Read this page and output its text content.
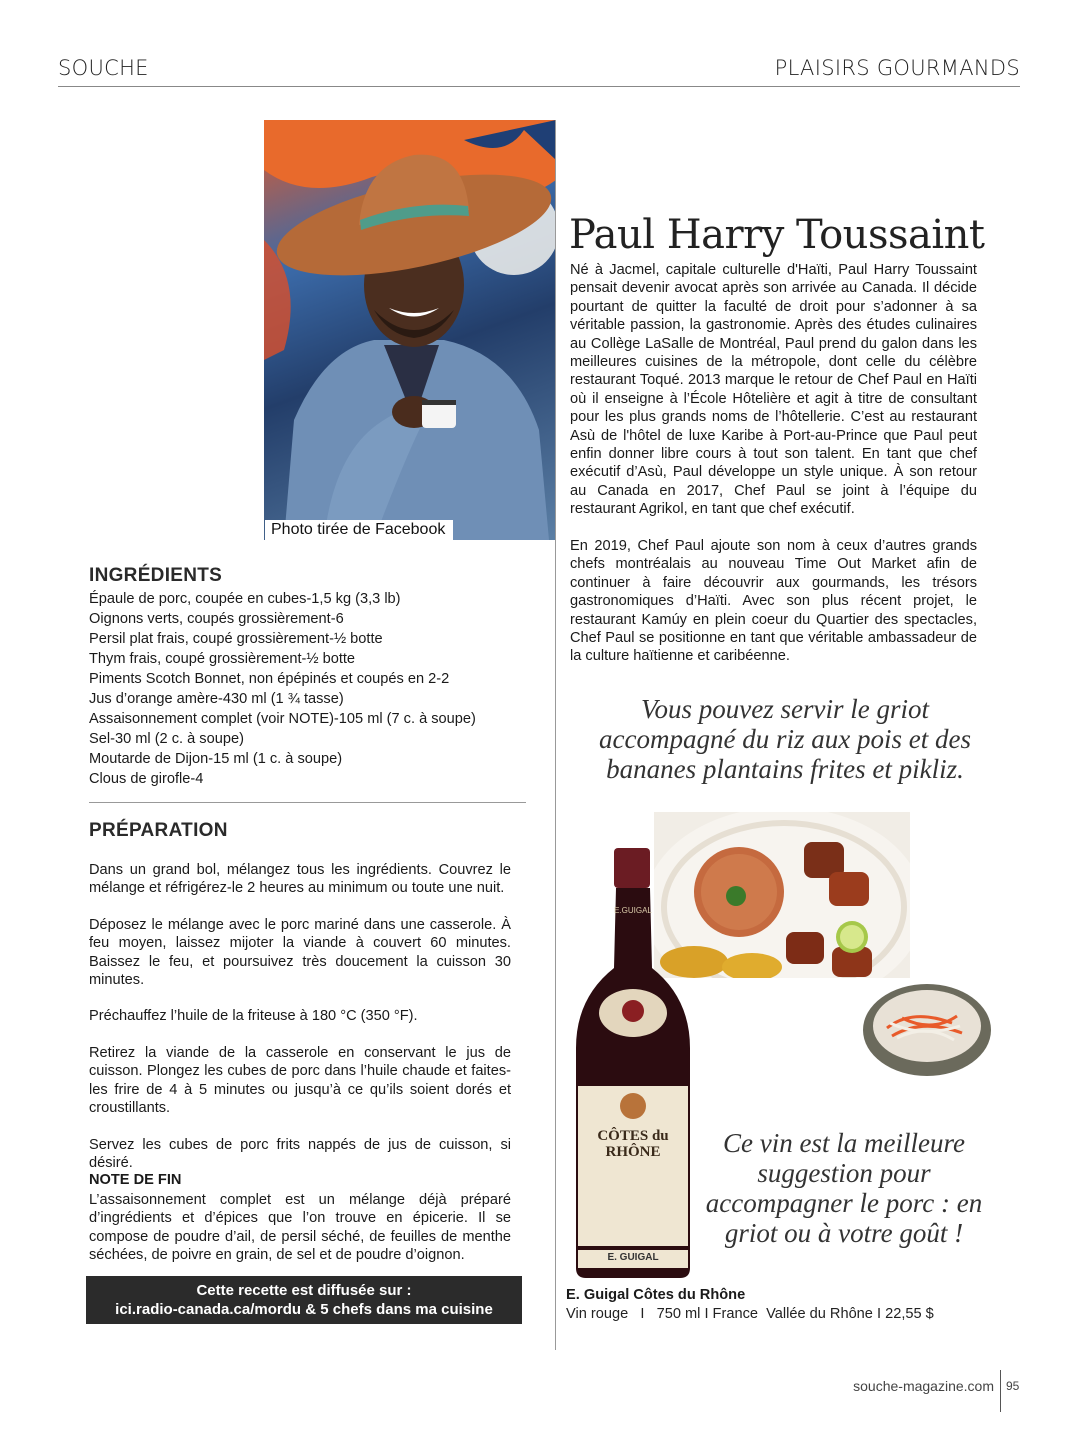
SOUCHE	PLAISIRS GOURMANDS
Photo tirée de Facebook
Paul Harry Toussaint
Né à Jacmel, capitale culturelle d'Haïti, Paul Harry Toussaint pensait devenir avocat après son arrivée au Canada. Il décide pourtant de quitter la faculté de droit pour s’adonner à sa véritable passion, la gastronomie. Après des études culinaires au Collège LaSalle de Montréal, Paul prend du galon dans les meilleures cuisines de la métropole, dont celle du célèbre restaurant Toqué. 2013 marque le retour de Chef Paul en Haïti où il enseigne à l’École Hôtelière et agit à titre de consultant pour les plus grands noms de l’hôtellerie. C’est au restaurant Asù de l'hôtel de luxe Karibe à Port-au-Prince que Paul peut enfin donner libre cours à tout son talent. En tant que chef exécutif d’Asù, Paul développe un style unique. À son retour au Canada en 2017, Chef Paul se joint à l’équipe du restaurant Agrikol, en tant que chef exécutif.
En 2019, Chef Paul ajoute son nom à ceux d’autres grands chefs montréalais au nouveau Time Out Market afin de continuer à faire découvrir aux gourmands, les trésors gastronomiques d’Haïti. Avec son plus récent projet, le restaurant Kamúy en plein coeur du Quartier des spectacles, Chef Paul se positionne en tant que véritable ambassadeur de la culture haïtienne et caribéenne.
Vous pouvez servir le griot accompagné du riz aux pois et des bananes plantains frites et pikliz.
INGRÉDIENTS
Épaule de porc, coupée en cubes-1,5 kg (3,3 lb)
Oignons verts, coupés grossièrement-6
Persil plat frais, coupé grossièrement-½ botte
Thym frais, coupé grossièrement-½ botte
Piments Scotch Bonnet, non épépinés et coupés en 2-2
Jus d’orange amère-430 ml (1 ¾ tasse)
Assaisonnement complet (voir NOTE)-105 ml (7 c. à soupe)
Sel-30 ml (2 c. à soupe)
Moutarde de Dijon-15 ml (1 c. à soupe)
Clous de girofle-4
PRÉPARATION
Dans un grand bol, mélangez tous les ingrédients. Couvrez le mélange et réfrigérez-le 2 heures au minimum ou toute une nuit.
Déposez le mélange avec le porc mariné dans une casserole. À feu moyen, laissez mijoter la viande à couvert 60 minutes. Baissez le feu, et poursuivez très doucement la cuisson 30 minutes.
Préchauffez l’huile de la friteuse à 180 °C (350 °F).
Retirez la viande de la casserole en conservant le jus de cuisson. Plongez les cubes de porc dans l’huile chaude et faites-les frire de 4 à 5 minutes ou jusqu’à ce qu’ils soient dorés et croustillants.
Servez les cubes de porc frits nappés de jus de cuisson, si désiré.
NOTE DE FIN
L’assaisonnement complet est un mélange déjà préparé d’ingrédients et d’épices que l’on trouve en épicerie. Il se compose de poudre d’ail, de persil séché, de feuilles de menthe séchées, de poivre en grain, de sel et de poudre d’oignon.
Cette recette est diffusée sur :
ici.radio-canada.ca/mordu & 5 chefs dans ma cuisine
E.GUIGAL
CÔTES du RHÔNE
E. GUIGAL
Ce vin est la meilleure suggestion pour accompagner le porc : en griot ou à votre goût !
E. Guigal Côtes du Rhône
Vin rouge   I   750 ml I France  Vallée du Rhône I 22,55 $
souche-magazine.com 95
